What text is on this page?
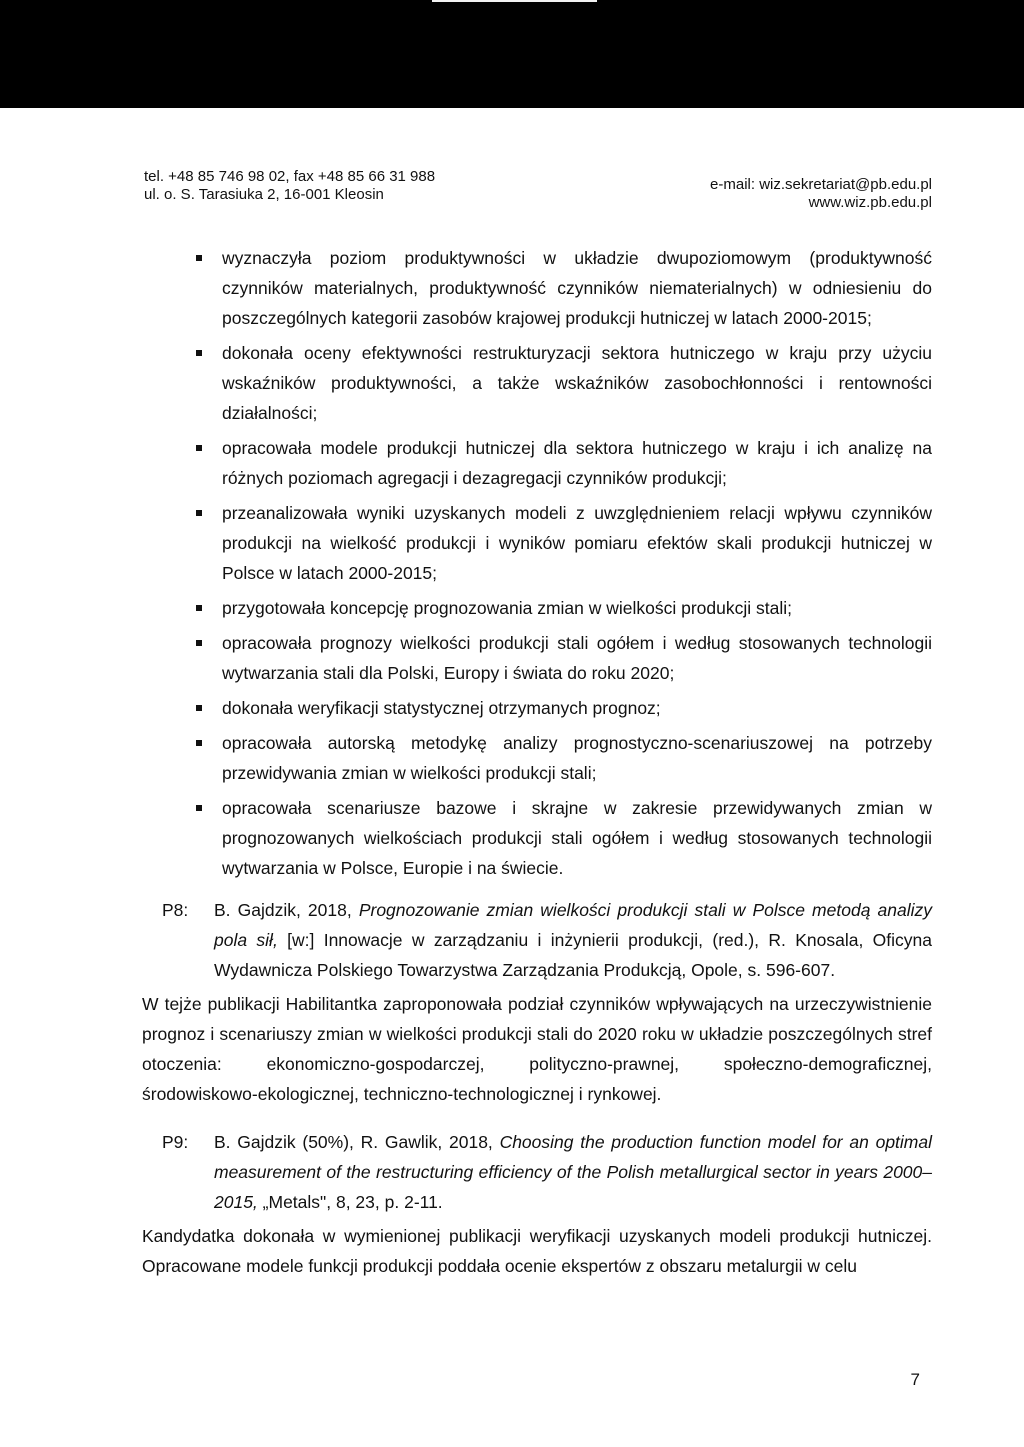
tel. +48 85 746 98 02, fax +48 85 66 31 988
ul. o. S. Tarasiuka 2, 16-001 Kleosin
e-mail: wiz.sekretariat@pb.edu.pl
www.wiz.pb.edu.pl
wyznaczyła poziom produktywności w układzie dwupoziomowym (produktywność czynników materialnych, produktywność czynników niematerialnych) w odniesieniu do poszczególnych kategorii zasobów krajowej produkcji hutniczej w latach 2000-2015;
dokonała oceny efektywności restrukturyzacji sektora hutniczego w kraju przy użyciu wskaźników produktywności, a także wskaźników zasobochłonności i rentowności działalności;
opracowała modele produkcji hutniczej dla sektora hutniczego w kraju i ich analizę na różnych poziomach agregacji i dezagregacji czynników produkcji;
przeanalizowała wyniki uzyskanych modeli z uwzględnieniem relacji wpływu czynników produkcji na wielkość produkcji i wyników pomiaru efektów skali produkcji hutniczej w Polsce w latach 2000-2015;
przygotowała koncepcję prognozowania zmian w wielkości produkcji stali;
opracowała prognozy wielkości produkcji stali ogółem i według stosowanych technologii wytwarzania stali dla Polski, Europy i świata do roku 2020;
dokonała weryfikacji statystycznej otrzymanych prognoz;
opracowała autorską metodykę analizy prognostyczno-scenariuszowej na potrzeby przewidywania zmian w wielkości produkcji stali;
opracowała scenariusze bazowe i skrajne w zakresie przewidywanych zmian w prognozowanych wielkościach produkcji stali ogółem i według stosowanych technologii wytwarzania w Polsce, Europie i na świecie.
P8:	B. Gajdzik, 2018, Prognozowanie zmian wielkości produkcji stali w Polsce metodą analizy pola sił, [w:] Innowacje w zarządzaniu i inżynierii produkcji, (red.), R. Knosala, Oficyna Wydawnicza Polskiego Towarzystwa Zarządzania Produkcją, Opole, s. 596-607.

W tejże publikacji Habilitantka zaproponowała podział czynników wpływających na urzeczywistnienie prognoz i scenariuszy zmian w wielkości produkcji stali do 2020 roku w układzie poszczególnych stref otoczenia: ekonomiczno-gospodarczej, polityczno-prawnej, społeczno-demograficznej, środowiskowo-ekologicznej, techniczno-technologicznej i rynkowej.

P9:	B. Gajdzik (50%), R. Gawlik, 2018, Choosing the production function model for an optimal measurement of the restructuring efficiency of the Polish metallurgical sector in years 2000–2015, „Metals", 8, 23, p. 2-11.

Kandydatka dokonała w wymienionej publikacji weryfikacji uzyskanych modeli produkcji hutniczej. Opracowane modele funkcji produkcji poddała ocenie ekspertów z obszaru metalurgii w celu

7
